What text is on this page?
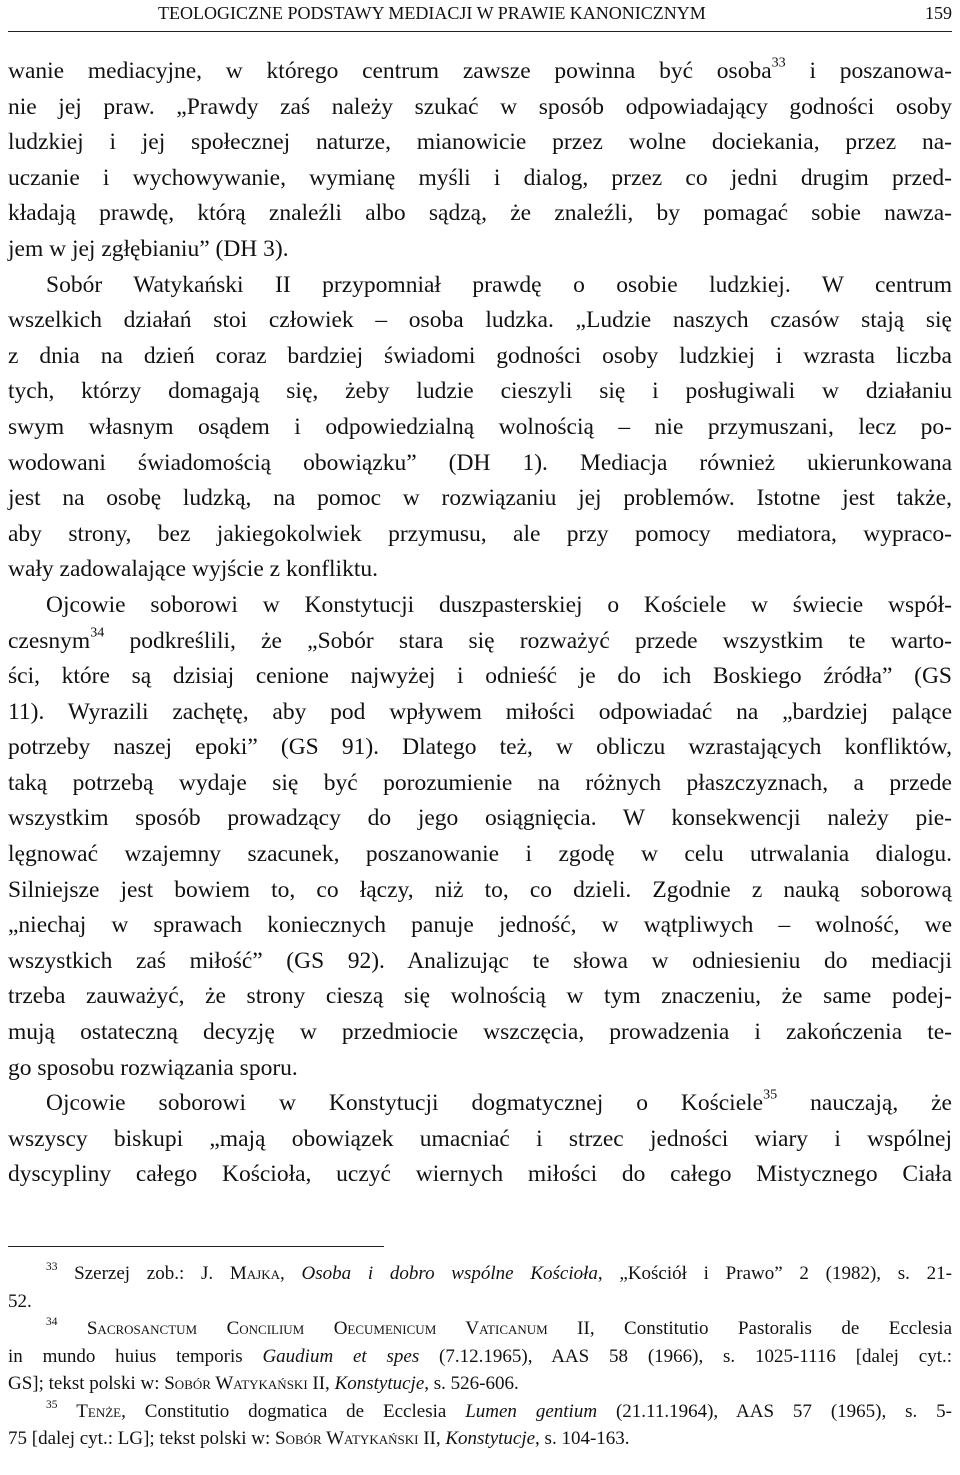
TEOLOGICZNE PODSTAWY MEDIACJI W PRAWIE KANONICZNYM	159
wanie mediacyjne, w którego centrum zawsze powinna być osoba$^{33}$ i poszanowa-
nie jej praw. „Prawdy zaś należy szukać w sposób odpowiadający godności osoby
ludzkiej i jej społecznej naturze, mianowicie przez wolne dociekania, przez na-
uczanie i wychowywanie, wymianę myśli i dialog, przez co jedni drugim przed-
kładają prawdę, którą znaleźli albo sądzą, że znaleźli, by pomagać sobie nawza-
jem w jej zgłębianiu” (DH 3).
Sobór Watykański II przypomniał prawdę o osobie ludzkiej. W centrum
wszelkich działań stoi człowiek – osoba ludzka. „Ludzie naszych czasów stają się
z dnia na dzień coraz bardziej świadomi godności osoby ludzkiej i wzrasta liczba
tych, którzy domagają się, żeby ludzie cieszyli się i posługiwali w działaniu
swym własnym osądem i odpowiedzialną wolnością – nie przymuszani, lecz po-
wodowani świadomością obowiązku” (DH 1). Mediacja również ukierunkowana
jest na osobę ludzką, na pomoc w rozwiązaniu jej problemów. Istotne jest także,
aby strony, bez jakiegokolwiek przymusu, ale przy pomocy mediatora, wypraco-
wały zadowalające wyjście z konfliktu.
Ojcowie soborowi w Konstytucji duszpasterskiej o Kościele w świecie współ-
czesnym$^{34}$ podkreślili, że „Sobór stara się rozważyć przede wszystkim te warto-
ści, które są dzisiaj cenione najwyżej i odnieść je do ich Boskiego źródła” (GS
11). Wyrazili zachętę, aby pod wpływem miłości odpowiadać na „bardziej palące
potrzeby naszej epoki” (GS 91). Dlatego też, w obliczu wzrastających konfliktów,
taką potrzebą wydaje się być porozumienie na różnych płaszczyznach, a przede
wszystkim sposób prowadzący do jego osiągnięcia. W konsekwencji należy pie-
lęgnować wzajemny szacunek, poszanowanie i zgodę w celu utrwalania dialogu.
Silniejsze jest bowiem to, co łączy, niż to, co dzieli. Zgodnie z nauką soborową
„niechaj w sprawach koniecznych panuje jedność, w wątpliwych – wolność, we
wszystkich zaś miłość” (GS 92). Analizując te słowa w odniesieniu do mediacji
trzeba zauważyć, że strony cieszą się wolnością w tym znaczeniu, że same podej-
mują ostateczną decyzję w przedmiocie wszczęcia, prowadzenia i zakończenia te-
go sposobu rozwiązania sporu.
Ojcowie soborowi w Konstytucji dogmatycznej o Kościele$^{35}$ nauczają, że
wszyscy biskupi „mają obowiązek umacniać i strzec jedności wiary i wspólnej
dyscypliny całego Kościoła, uczyć wiernych miłości do całego Mistycznego Ciała
$^{33}$ Szerzej zob.: J. Majka, Osoba i dobro wspólne Kościoła, „Kościół i Prawo” 2 (1982), s. 21-
52.
$^{34}$ Sacrosanctum Concilium Oecumenicum Vaticanum II, Constitutio Pastoralis de Ecclesia
in mundo huius temporis Gaudium et spes (7.12.1965), AAS 58 (1966), s. 1025-1116 [dalej cyt.:
GS]; tekst polski w: Sobór Watykański II, Konstytucje, s. 526-606.
$^{35}$ Tenże, Constitutio dogmatica de Ecclesia Lumen gentium (21.11.1964), AAS 57 (1965), s. 5-
75 [dalej cyt.: LG]; tekst polski w: Sobór Watykański II, Konstytucje, s. 104-163.
